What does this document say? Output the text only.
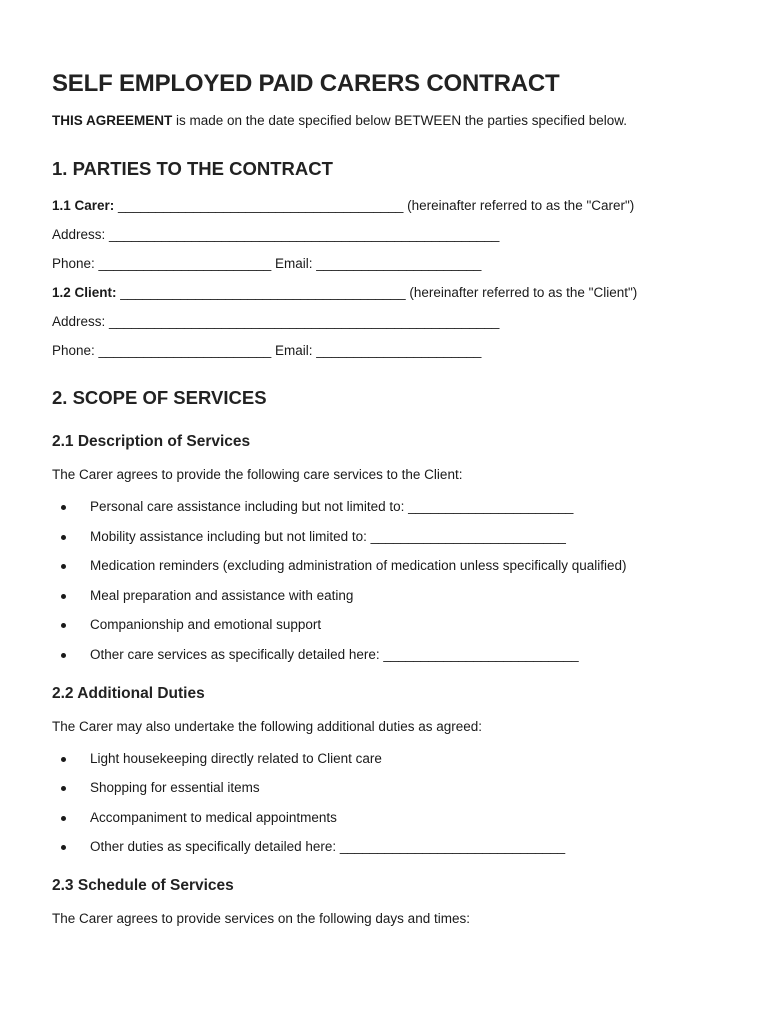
SELF EMPLOYED PAID CARERS CONTRACT

THIS AGREEMENT is made on the date specified below BETWEEN the parties specified below.

1. PARTIES TO THE CONTRACT

1.1 Carer: ______________________________________ (hereinafter referred to as the "Carer")

Address: ____________________________________________________

Phone: _______________________ Email: ______________________

1.2 Client: ______________________________________ (hereinafter referred to as the "Client")

Address: ____________________________________________________

Phone: _______________________ Email: ______________________

2. SCOPE OF SERVICES
2.1 Description of Services

The Carer agrees to provide the following care services to the Client:

Personal care assistance including but not limited to: ______________________
Mobility assistance including but not limited to: __________________________
Medication reminders (excluding administration of medication unless specifically qualified)
Meal preparation and assistance with eating
Companionship and emotional support
Other care services as specifically detailed here: __________________________
2.2 Additional Duties

The Carer may also undertake the following additional duties as agreed:

Light housekeeping directly related to Client care
Shopping for essential items
Accompaniment to medical appointments
Other duties as specifically detailed here: ______________________________
2.3 Schedule of Services

The Carer agrees to provide services on the following days and times:
